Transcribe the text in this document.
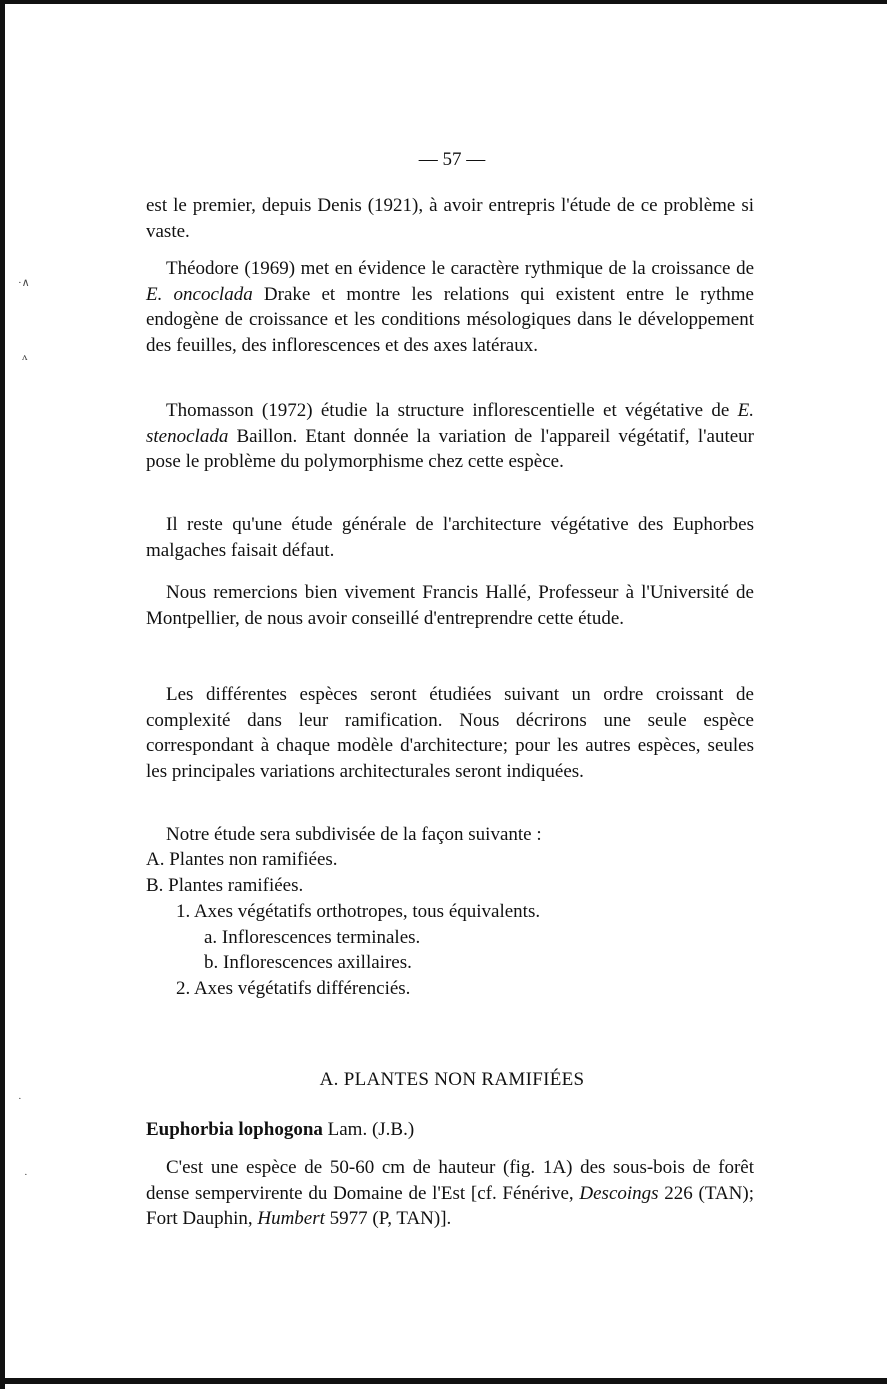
·∧
ᴧ
·
·
— 57 —

est le premier, depuis Denis (1921), à avoir entrepris l'étude de ce problème si vaste.

Théodore (1969) met en évidence le caractère rythmique de la croissance de E. oncoclada Drake et montre les relations qui existent entre le rythme endogène de croissance et les conditions mésologiques dans le développement des feuilles, des inflorescences et des axes latéraux.

Thomasson (1972) étudie la structure inflorescentielle et végétative de E. stenoclada Baillon. Etant donnée la variation de l'appareil végétatif, l'auteur pose le problème du polymorphisme chez cette espèce.

Il reste qu'une étude générale de l'architecture végétative des Euphorbes malgaches faisait défaut.

Nous remercions bien vivement Francis Hallé, Professeur à l'Université de Montpellier, de nous avoir conseillé d'entreprendre cette étude.

Les différentes espèces seront étudiées suivant un ordre croissant de complexité dans leur ramification. Nous décrirons une seule espèce correspondant à chaque modèle d'architecture; pour les autres espèces, seules les principales variations architecturales seront indiquées.

Notre étude sera subdivisée de la façon suivante :
A. Plantes non ramifiées.
B. Plantes ramifiées.
1. Axes végétatifs orthotropes, tous équivalents.
a. Inflorescences terminales.
b. Inflorescences axillaires.
2. Axes végétatifs différenciés.
A. PLANTES NON RAMIFIÉES
Euphorbia lophogona Lam. (J.B.)

C'est une espèce de 50-60 cm de hauteur (fig. 1A) des sous-bois de forêt dense sempervirente du Domaine de l'Est [cf. Fénérive, Descoings 226 (TAN); Fort Dauphin, Humbert 5977 (P, TAN)].
